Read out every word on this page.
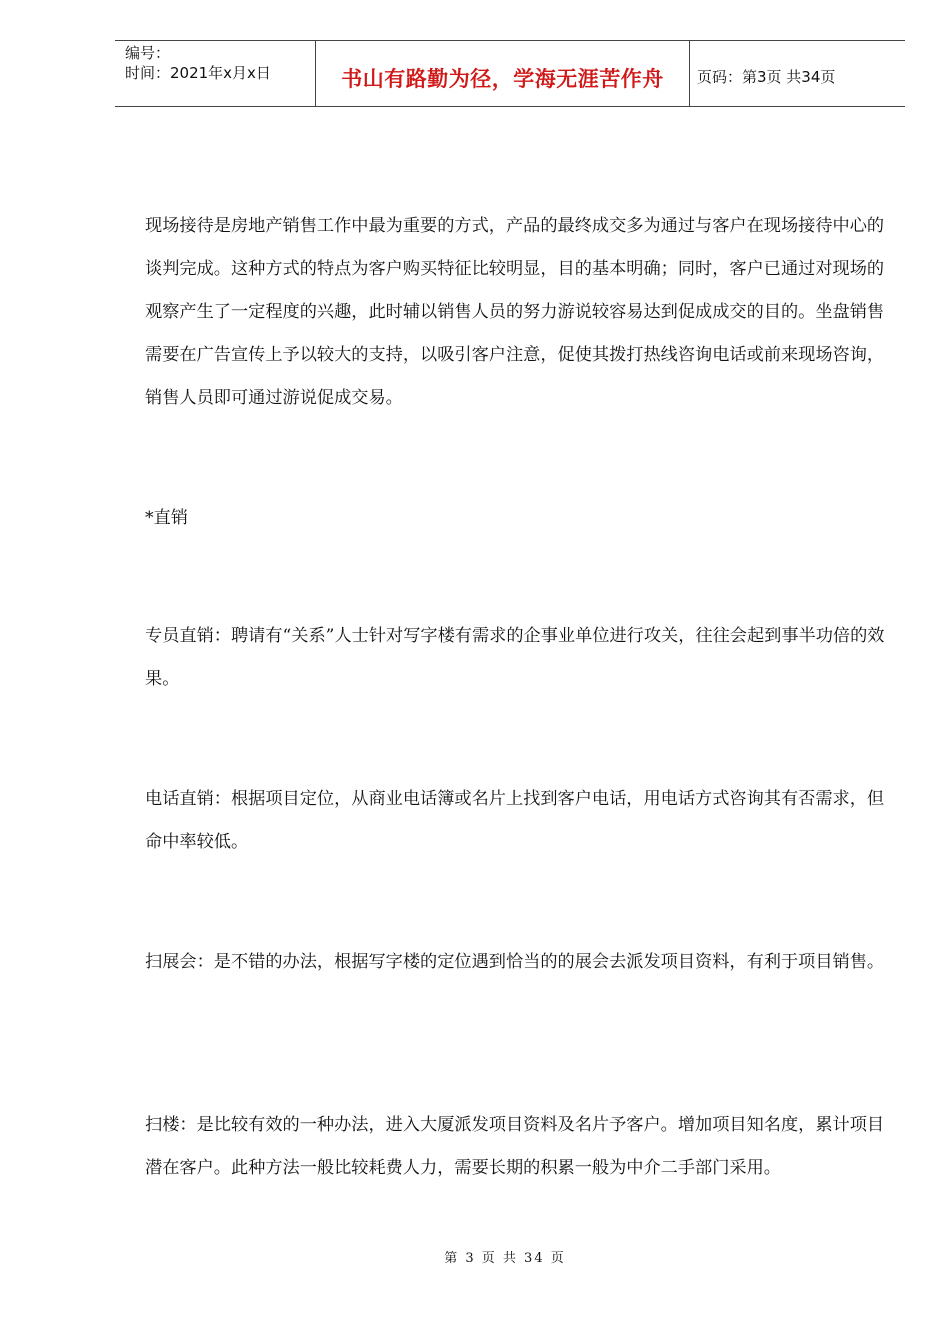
编号：
时间：2021年x月x日	书山有路勤为径，学海无涯苦作舟	页码：第3页 共34页

现场接待是房地产销售工作中最为重要的方式，产品的最终成交多为通过与客户在现场接待中心的谈判完成。这种方式的特点为客户购买特征比较明显，目的基本明确；同时，客户已通过对现场的观察产生了一定程度的兴趣，此时辅以销售人员的努力游说较容易达到促成成交的目的。坐盘销售需要在广告宣传上予以较大的支持，以吸引客户注意，促使其拨打热线咨询电话或前来现场咨询，销售人员即可通过游说促成交易。

*直销

专员直销：聘请有“关系”人士针对写字楼有需求的企事业单位进行攻关，往往会起到事半功倍的效果。

电话直销：根据项目定位，从商业电话簿或名片上找到客户电话，用电话方式咨询其有否需求，但命中率较低。

扫展会：是不错的办法，根据写字楼的定位遇到恰当的的展会去派发项目资料，有利于项目销售。

扫楼：是比较有效的一种办法，进入大厦派发项目资料及名片予客户。增加项目知名度，累计项目潜在客户。此种方法一般比较耗费人力，需要长期的积累一般为中介二手部门采用。

第 3 页 共 34 页
